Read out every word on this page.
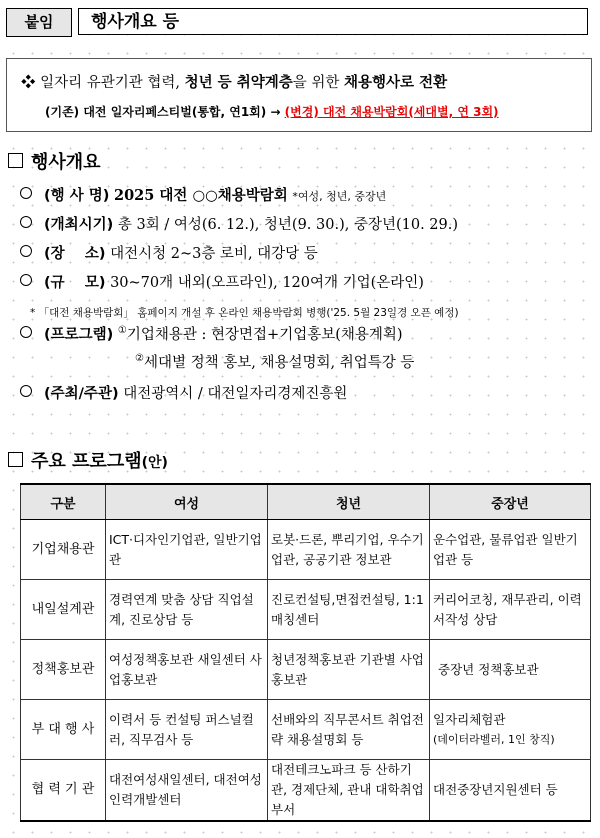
붙임	행사개요 등
❖ 일자리 유관기관 협력, 청년 등 취약계층을 위한 채용행사로 전환
(기존) 대전 일자리페스티벌(통합, 연1회) → (변경) 대전 채용박람회(세대별, 연 3회)
행사개요
(행 사 명) 2025 대전 ○○채용박람회 *여성, 청년, 중장년
(개최시기) 총 3회 / 여성(6. 12.), 청년(9. 30.), 중장년(10. 29.)
(장    소) 대전시청 2~3층 로비, 대강당 등
(규    모) 30~70개 내외(오프라인), 120여개 기업(온라인)
* 「대전 채용박람회」 홈페이지 개설 후 온라인 채용박람회 병행('25. 5월 23일경 오픈 예정)
(프로그램) ①기업채용관 : 현장면접+기업홍보(채용계획)
②세대별 정책 홍보, 채용설명회, 취업특강 등
(주최/주관) 대전광역시 / 대전일자리경제진흥원
주요 프로그램(안)
구분	여성	청년	중장년
기업채용관	ICT·디자인기업관, 일반기업관	로봇·드론, 뿌리기업, 우수기업관, 공공기관 정보관	운수업관, 물류업관 일반기업관 등
내일설계관	경력연계 맞춤 상담 직업설계, 진로상담 등	진로컨설팅,면접컨설팅, 1:1 매칭센터	커리어코칭, 재무관리, 이력서작성 상담
정책홍보관	여성정책홍보관 새일센터 사업홍보관	청년정책홍보관 기관별 사업홍보관	중장년 정책홍보관
부 대 행 사	이력서 등 컨설팅 퍼스널컬러, 직무검사 등	선배와의 직무콘서트 취업전략 채용설명회 등	일자리체험관
(데이터라벨러, 1인 창직)

협 력 기 관	대전여성새일센터, 대전여성인력개발센터	대전테크노파크 등 산하기관, 경제단체, 관내 대학취업부서	대전중장년지원센터 등
